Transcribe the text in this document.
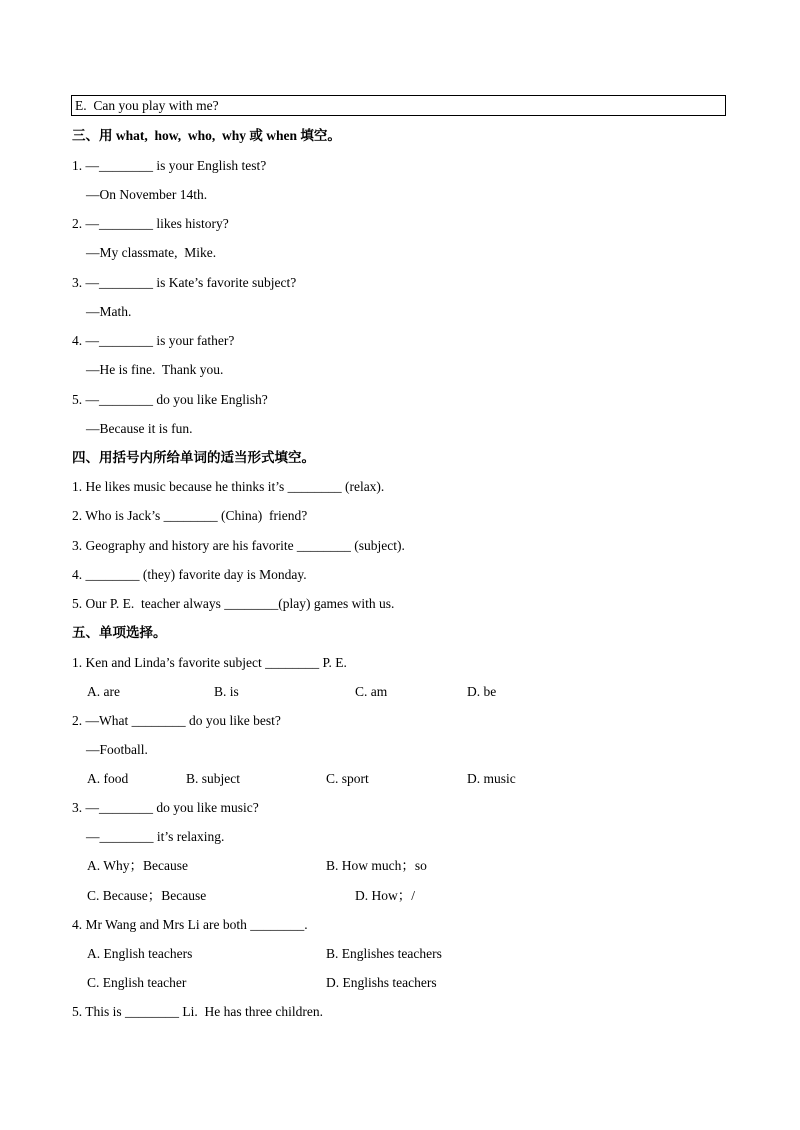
E.  Can you play with me?
三、用 what,  how,  who,  why 或 when 填空。
1. —________ is your English test?
—On November 14th.
2. —________ likes history?
—My classmate,  Mike.
3. —________ is Kate’s favorite subject?
—Math.
4. —________ is your father?
—He is fine.  Thank you.
5. —________ do you like English?
—Because it is fun.
四、用括号内所给单词的适当形式填空。
1. He likes music because he thinks it’s ________ (relax).
2. Who is Jack’s ________ (China)  friend?
3. Geography and history are his favorite ________ (subject).
4. ________ (they) favorite day is Monday.
5. Our P. E.  teacher always ________(play) games with us.
五、单项选择。
1. Ken and Linda’s favorite subject ________ P. E.
A. are	B. is	C. am	D. be
2. —What ________ do you like best?
—Football.
A. food	B. subject	C. sport	D. music
3. —________ do you like music?
—________ it’s relaxing.
A. Why；Because	B. How much；so
C. Because；Because	D. How；/
4. Mr Wang and Mrs Li are both ________.
A. English teachers	B. Englishes teachers
C. English teacher	D. Englishs teachers
5. This is ________ Li.  He has three children.
